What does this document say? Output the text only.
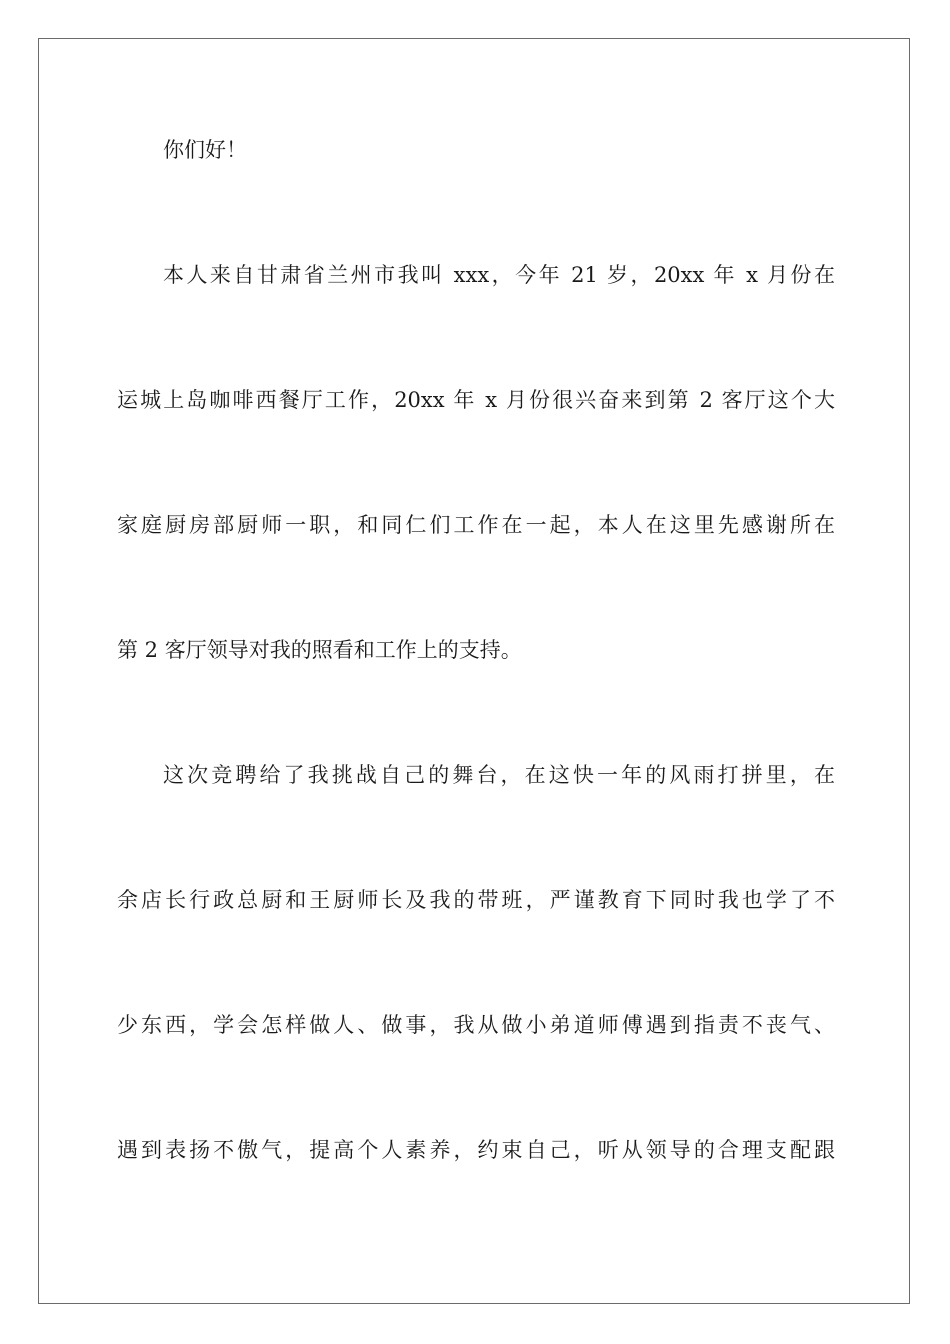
你们好！
本人来自甘肃省兰州市我叫 xxx，今年 21 岁，20xx 年 x 月份在
运城上岛咖啡西餐厅工作，20xx 年 x 月份很兴奋来到第 2 客厅这个大
家庭厨房部厨师一职，和同仁们工作在一起，本人在这里先感谢所在
第 2 客厅领导对我的照看和工作上的支持。
这次竞聘给了我挑战自己的舞台，在这快一年的风雨打拼里，在
余店长行政总厨和王厨师长及我的带班，严谨教育下同时我也学了不
少东西，学会怎样做人、做事，我从做小弟道师傅遇到指责不丧气、
遇到表扬不傲气，提高个人素养，约束自己，听从领导的合理支配跟
